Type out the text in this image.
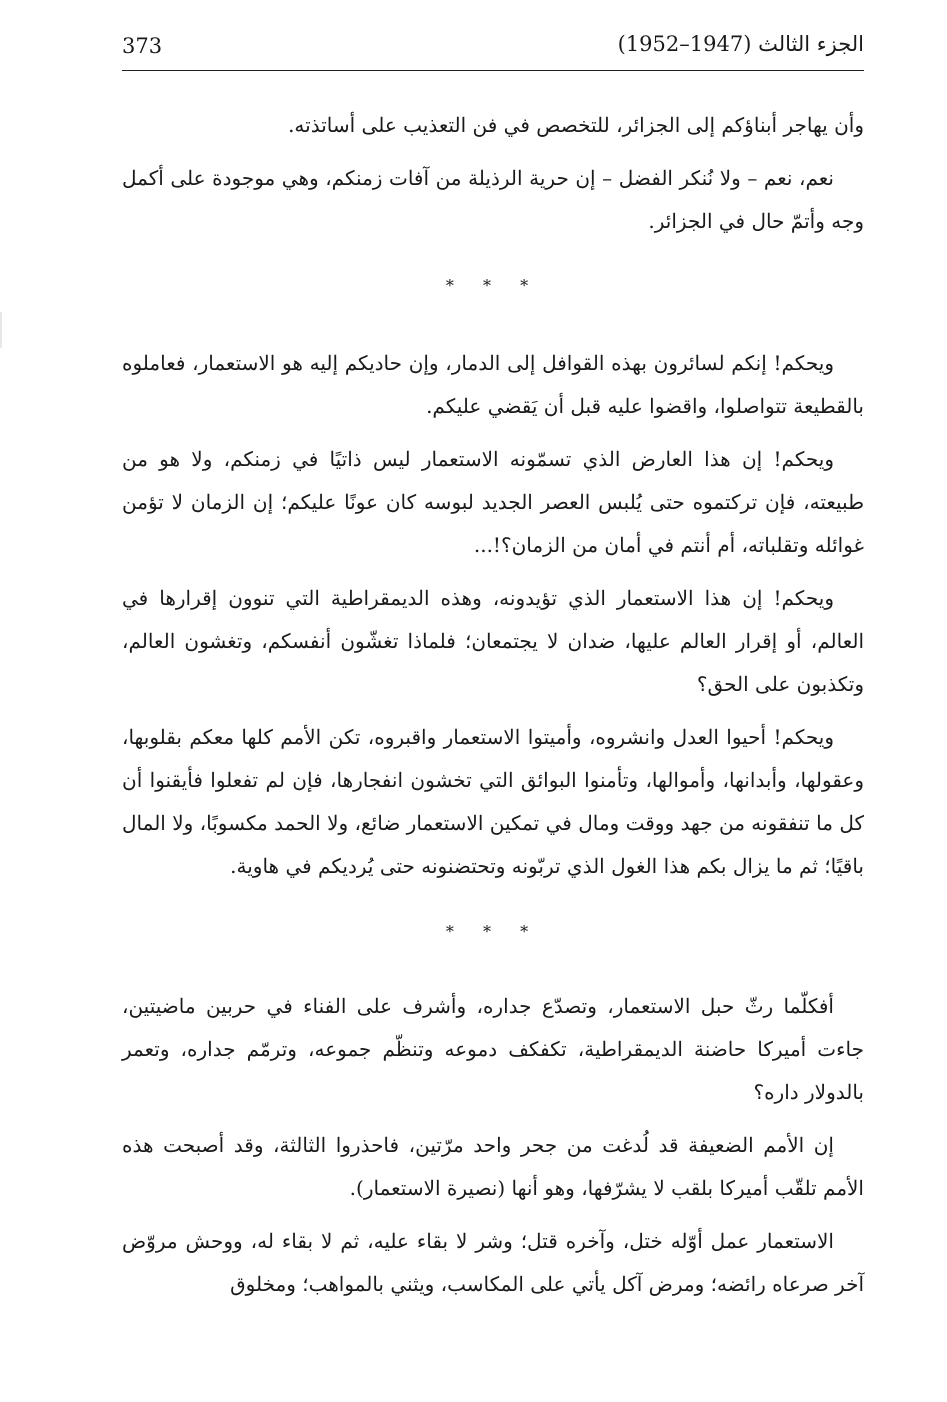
373	الجزء الثالث (1947–1952)

وأن يهاجر أبناؤكم إلى الجزائر، للتخصص في فن التعذيب على أساتذته.

نعم، نعم – ولا نُنكر الفضل – إن حرية الرذيلة من آفات زمنكم، وهي موجودة على أكمل وجه وأتمّ حال في الجزائر.

* * *

ويحكم! إنكم لسائرون بهذه القوافل إلى الدمار، وإن حاديكم إليه هو الاستعمار، فعاملوه بالقطيعة تتواصلوا، واقضوا عليه قبل أن يَقضي عليكم.

ويحكم! إن هذا العارض الذي تسمّونه الاستعمار ليس ذاتيًا في زمنكم، ولا هو من طبيعته، فإن تركتموه حتى يُلبس العصر الجديد لبوسه كان عونًا عليكم؛ إن الزمان لا تؤمن غوائله وتقلباته، أم أنتم في أمان من الزمان؟!...

ويحكم! إن هذا الاستعمار الذي تؤيدونه، وهذه الديمقراطية التي تنوون إقرارها في العالم، أو إقرار العالم عليها، ضدان لا يجتمعان؛ فلماذا تغشّون أنفسكم، وتغشون العالم، وتكذبون على الحق؟

ويحكم! أحيوا العدل وانشروه، وأميتوا الاستعمار واقبروه، تكن الأمم كلها معكم بقلوبها، وعقولها، وأبدانها، وأموالها، وتأمنوا البوائق التي تخشون انفجارها، فإن لم تفعلوا فأيقنوا أن كل ما تنفقونه من جهد ووقت ومال في تمكين الاستعمار ضائع، ولا الحمد مكسوبًا، ولا المال باقيًا؛ ثم ما يزال بكم هذا الغول الذي تربّونه وتحتضنونه حتى يُرديكم في هاوية.

* * *

أفكلّما رثّ حبل الاستعمار، وتصدّع جداره، وأشرف على الفناء في حربين ماضيتين، جاءت أميركا حاضنة الديمقراطية، تكفكف دموعه وتنظّم جموعه، وترمّم جداره، وتعمر بالدولار داره؟

إن الأمم الضعيفة قد لُدغت من جحر واحد مرّتين، فاحذروا الثالثة، وقد أصبحت هذه الأمم تلقّب أميركا بلقب لا يشرّفها، وهو أنها (نصيرة الاستعمار).

الاستعمار عمل أوّله ختل، وآخره قتل؛ وشر لا بقاء عليه، ثم لا بقاء له، ووحش مروّض آخر صرعاه رائضه؛ ومرض آكل يأتي على المكاسب، ويثني بالمواهب؛ ومخلوق
